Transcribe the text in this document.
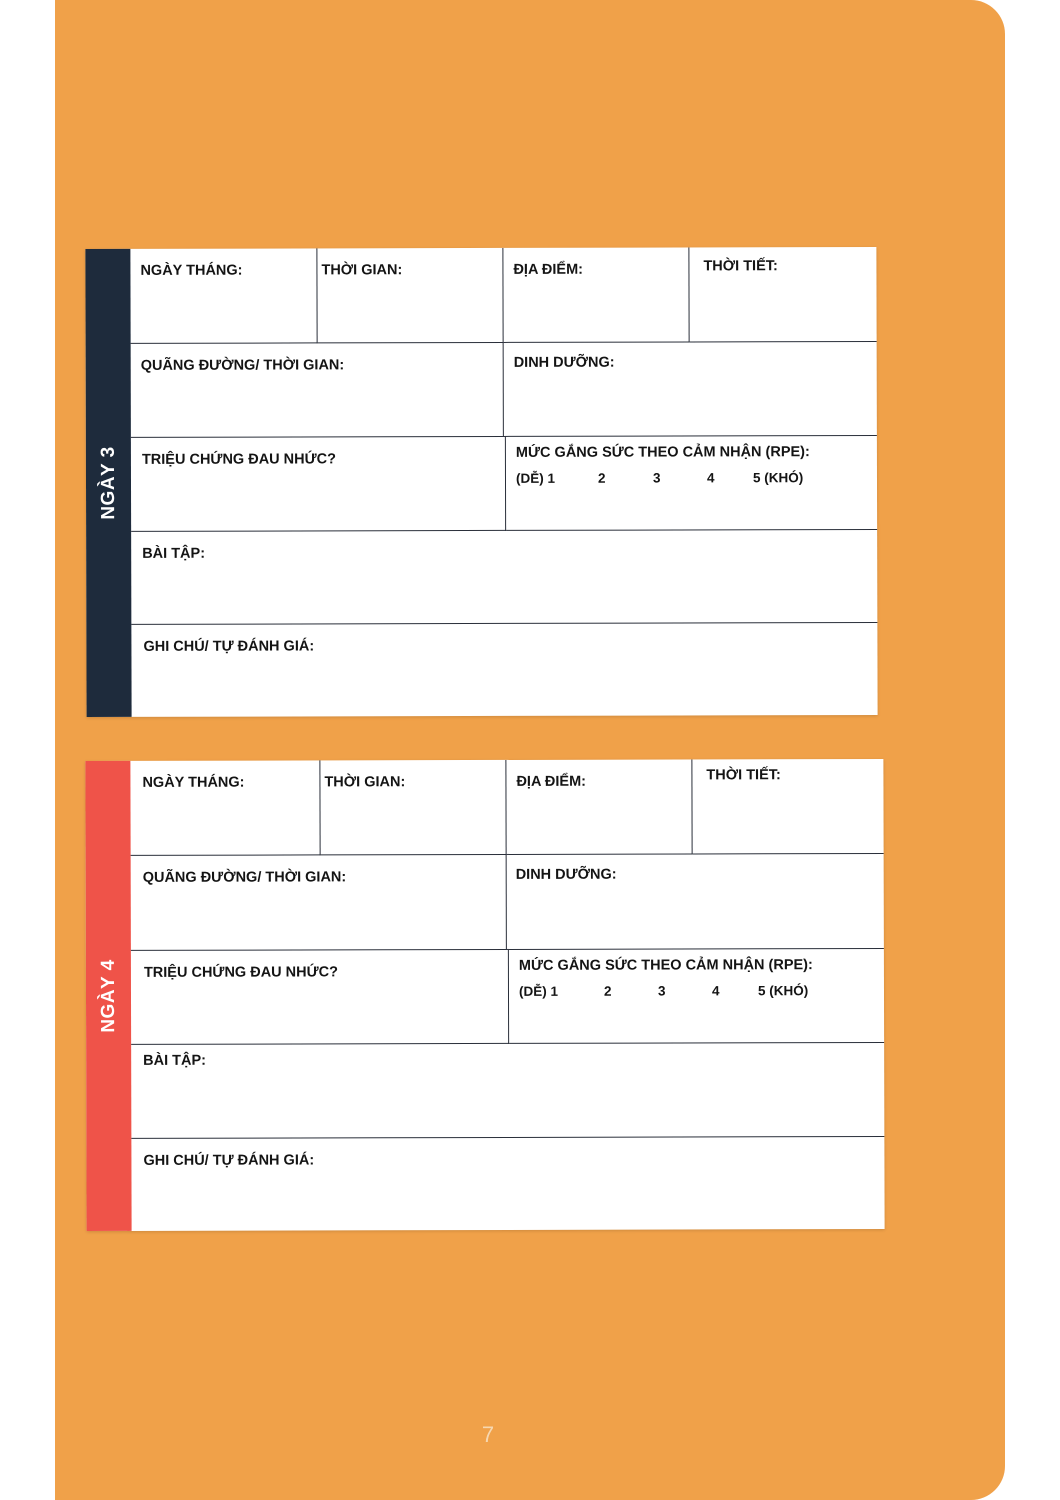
NGÀY 3
NGÀY THÁNG:	THỜI GIAN:	ĐỊA ĐIỂM:	THỜI TIẾT:
QUÃNG ĐƯỜNG/ THỜI GIAN:	DINH DƯỠNG:
TRIỆU CHỨNG ĐAU NHỨC?	MỨC GẮNG SỨC THEO CẢM NHẬN (RPE):
(DỄ) 1	2	3	4	5 (KHÓ)
BÀI TẬP:
GHI CHÚ/ TỰ ĐÁNH GIÁ:
NGÀY 4
NGÀY THÁNG:	THỜI GIAN:	ĐỊA ĐIỂM:	THỜI TIẾT:
QUÃNG ĐƯỜNG/ THỜI GIAN:	DINH DƯỠNG:
TRIỆU CHỨNG ĐAU NHỨC?	MỨC GẮNG SỨC THEO CẢM NHẬN (RPE):
(DỄ) 1	2	3	4	5 (KHÓ)
BÀI TẬP:
GHI CHÚ/ TỰ ĐÁNH GIÁ:
7
